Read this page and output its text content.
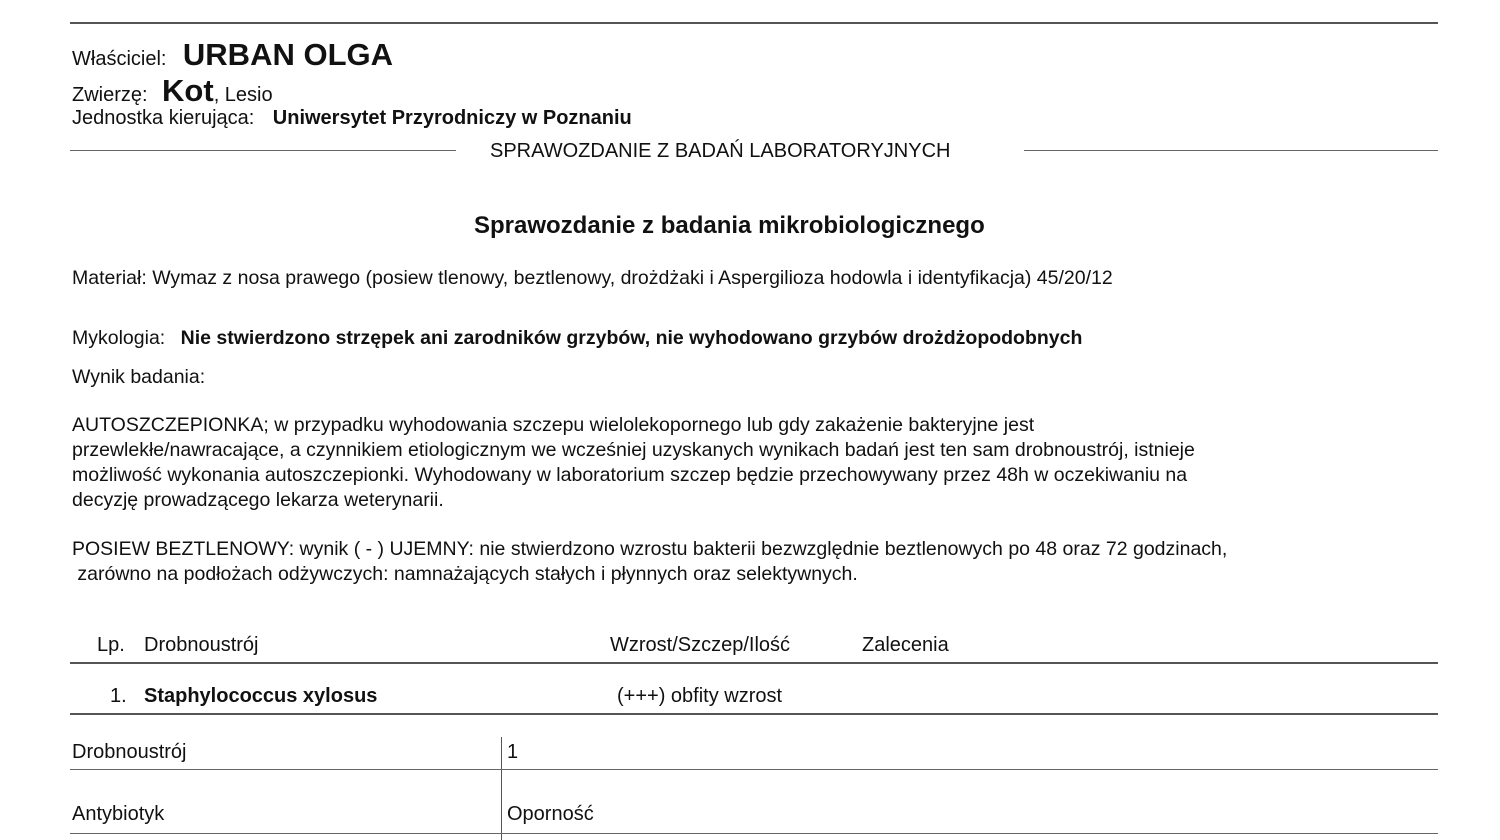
Właściciel: URBAN OLGA
Zwierzę: Kot, Lesio
Jednostka kierująca: Uniwersytet Przyrodniczy w Poznaniu
SPRAWOZDANIE Z BADAŃ LABORATORYJNYCH
Sprawozdanie z badania mikrobiologicznego
Materiał: Wymaz z nosa prawego (posiew tlenowy, beztlenowy, drożdżaki i Aspergilioza hodowla i identyfikacja) 45/20/12
Mykologia: Nie stwierdzono strzępek ani zarodników grzybów, nie wyhodowano grzybów drożdżopodobnych
Wynik badania:
AUTOSZCZEPIONKA; w przypadku wyhodowania szczepu wielolekopornego lub gdy zakażenie bakteryjne jest
przewlekłe/nawracające, a czynnikiem etiologicznym we wcześniej uzyskanych wynikach badań jest ten sam drobnoustrój, istnieje
możliwość wykonania autoszczepionki. Wyhodowany w laboratorium szczep będzie przechowywany przez 48h w oczekiwaniu na
decyzję prowadzącego lekarza weterynarii.
POSIEW BEZTLENOWY: wynik ( - ) UJEMNY: nie stwierdzono wzrostu bakterii bezwzględnie beztlenowych po 48 oraz 72 godzinach,
zarówno na podłożach odżywczych: namnażających stałych i płynnych oraz selektywnych.
Lp. Drobnoustrój	Wzrost/Szczep/Ilość	Zalecenia
1. Staphylococcus xylosus	(+++) obfity wzrost
Drobnoustrój	1
Antybiotyk	Oporność
